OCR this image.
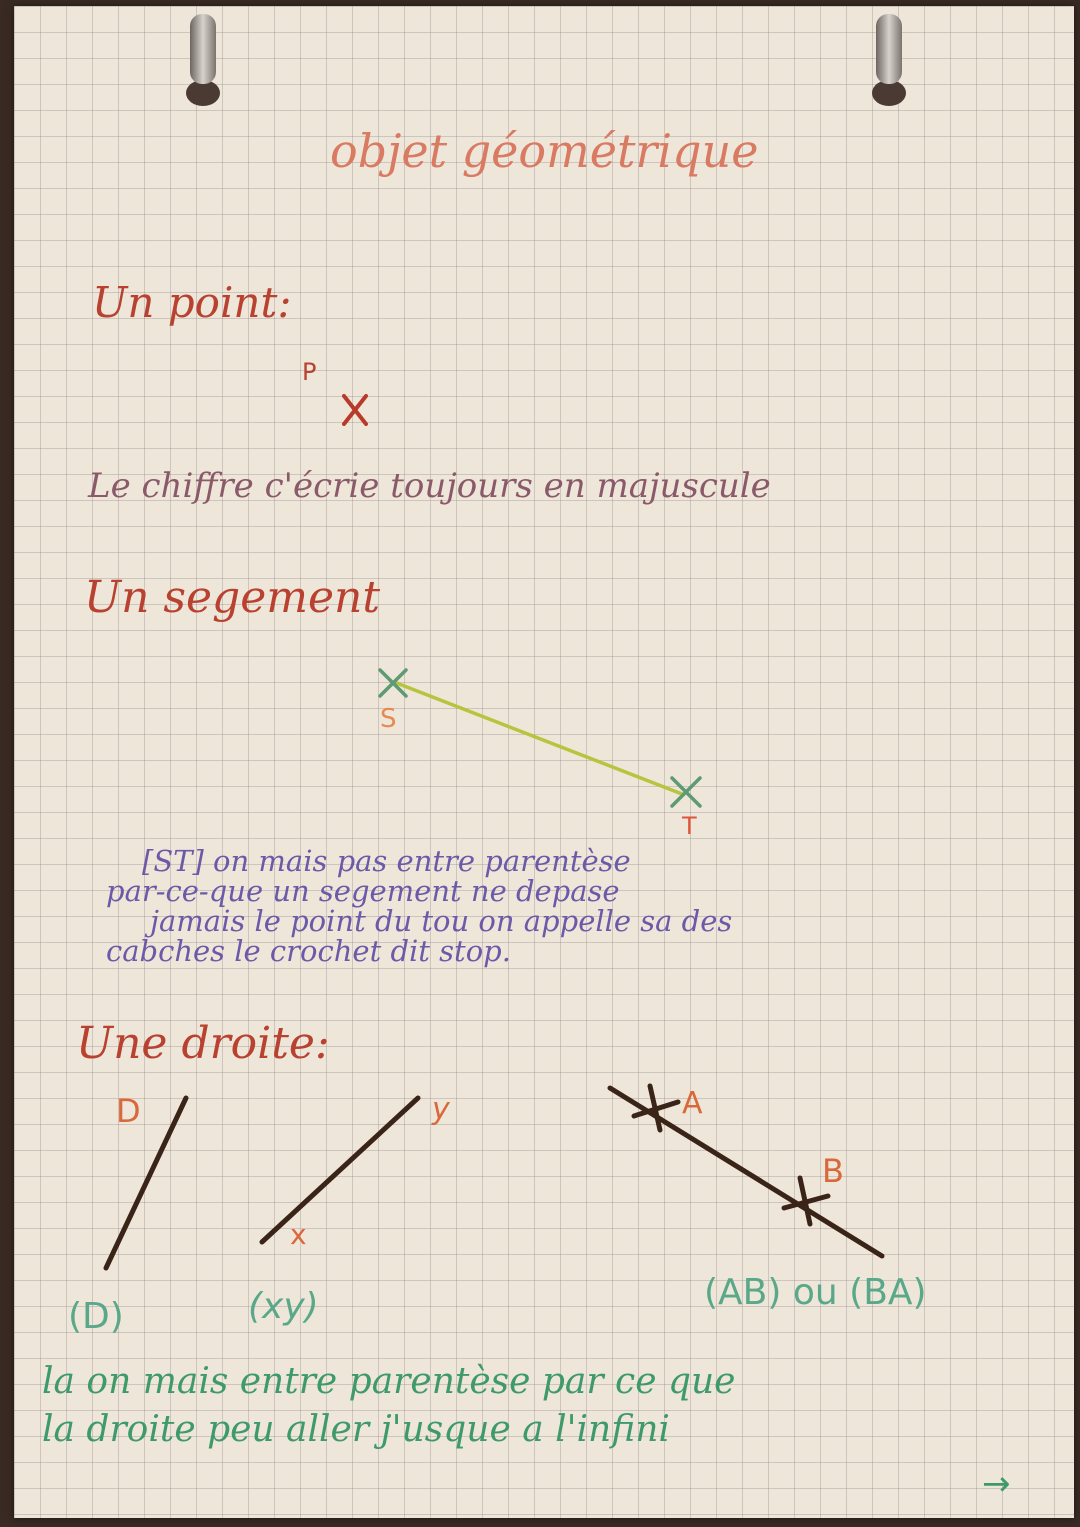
objet géométrique
Un point:
P
Le chiffre c'écrie toujours en majuscule
Un segement
S
T
[ST] on mais pas entre parentèse
par-ce-que un segement ne depase
jamais le point du tou on appelle sa des
cabches le crochet dit stop.
Une droite:
D	y
x
A
B
(D)	(xy)	(AB) ou (BA)
la on mais entre parentèse par ce que
la droite peu aller j'usque a l'infini
→
